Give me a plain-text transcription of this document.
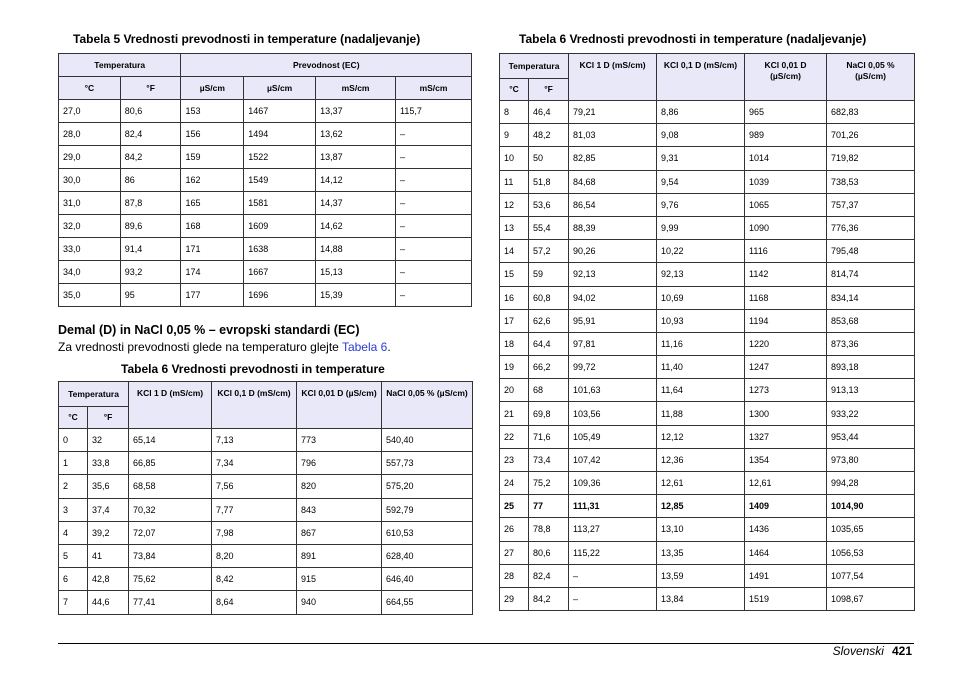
Tabela 5 Vrednosti prevodnosti in temperature (nadaljevanje)
Temperatura		Prevodnost (EC)			
°C	°F	µS/cm	µS/cm	mS/cm	mS/cm
27,0	80,6	153	1467	13,37	115,7
28,0	82,4	156	1494	13,62	–
29,0	84,2	159	1522	13,87	–
30,0	86	162	1549	14,12	–
31,0	87,8	165	1581	14,37	–
32,0	89,6	168	1609	14,62	–
33,0	91,4	171	1638	14,88	–
34,0	93,2	174	1667	15,13	–
35,0	95	177	1696	15,39	–
Demal (D) in NaCl 0,05 % – evropski standardi (EC)
Za vrednosti prevodnosti glede na temperaturo glejte Tabela 6.
Tabela 6 Vrednosti prevodnosti in temperature
Temperatura		KCl 1 D (mS/cm)	KCl 0,1 D (mS/cm)	KCl 0,01 D (µS/cm)	NaCl 0,05 % (µS/cm)
°C	°F				
0	32	65,14	7,13	773	540,40
1	33,8	66,85	7,34	796	557,73
2	35,6	68,58	7,56	820	575,20
3	37,4	70,32	7,77	843	592,79
4	39,2	72,07	7,98	867	610,53
5	41	73,84	8,20	891	628,40
6	42,8	75,62	8,42	915	646,40
7	44,6	77,41	8,64	940	664,55
Tabela 6 Vrednosti prevodnosti in temperature (nadaljevanje)
Temperatura		KCl 1 D (mS/cm)	KCl 0,1 D (mS/cm)	KCl 0,01 D (µS/cm)	NaCl 0,05 % (µS/cm)
°C	°F				
8	46,4	79,21	8,86	965	682,83
9	48,2	81,03	9,08	989	701,26
10	50	82,85	9,31	1014	719,82
11	51,8	84,68	9,54	1039	738,53
12	53,6	86,54	9,76	1065	757,37
13	55,4	88,39	9,99	1090	776,36
14	57,2	90,26	10,22	1116	795,48
15	59	92,13	92,13	1142	814,74
16	60,8	94,02	10,69	1168	834,14
17	62,6	95,91	10,93	1194	853,68
18	64,4	97,81	11,16	1220	873,36
19	66,2	99,72	11,40	1247	893,18
20	68	101,63	11,64	1273	913,13
21	69,8	103,56	11,88	1300	933,22
22	71,6	105,49	12,12	1327	953,44
23	73,4	107,42	12,36	1354	973,80
24	75,2	109,36	12,61	12,61	994,28
25	77	111,31	12,85	1409	1014,90
26	78,8	113,27	13,10	1436	1035,65
27	80,6	115,22	13,35	1464	1056,53
28	82,4	–	13,59	1491	1077,54
29	84,2	–	13,84	1519	1098,67
Slovenski 421
